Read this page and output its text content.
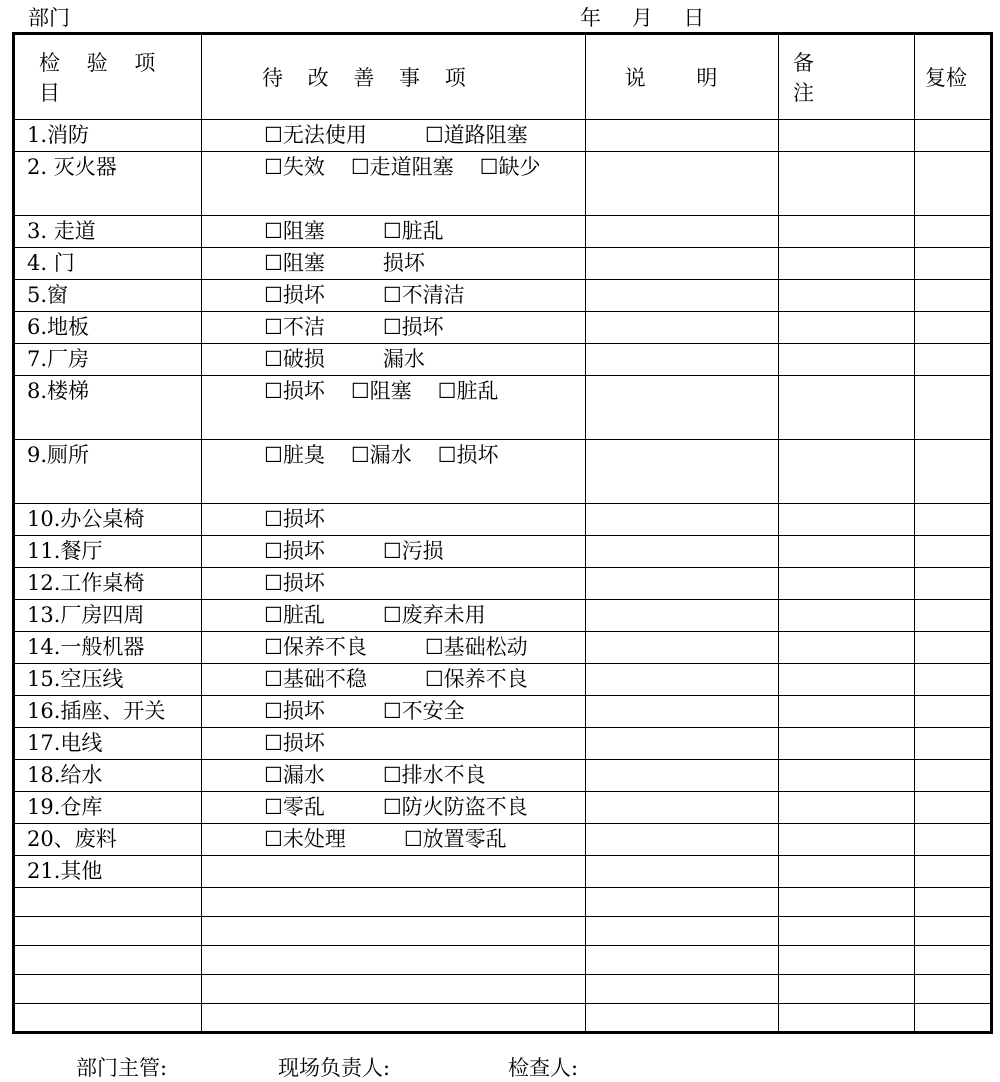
部门	年 月 日
检 验 项 目	待 改 善 事 项	说 明	备 注	复检
1.消防	☐无法使用 ☐道路阻塞			

2. 灭火器	☐失效 ☐走道阻塞 ☐缺少			

3. 走道	☐阻塞 ☐脏乱			

4. 门	☐阻塞 损坏			

5.窗	☐损坏 ☐不清洁			

6.地板	☐不洁 ☐损坏			

7.厂房	☐破损 漏水			

8.楼梯	☐损坏 ☐阻塞 ☐脏乱			

9.厕所	☐脏臭 ☐漏水 ☐损坏			

10.办公桌椅	☐损坏			

11.餐厅	☐损坏 ☐污损			

12.工作桌椅	☐损坏			

13.厂房四周	☐脏乱 ☐废弃未用			

14.一般机器	☐保养不良 ☐基础松动			

15.空压线	☐基础不稳 ☐保养不良			

16.插座、开关	☐损坏 ☐不安全			

17.电线	☐损坏			

18.给水	☐漏水 ☐排水不良			

19.仓库	☐零乱 ☐防火防盗不良			

20、废料	☐未处理 ☐放置零乱			

21.其他	

部门主管:	现场负责人:	检查人:
